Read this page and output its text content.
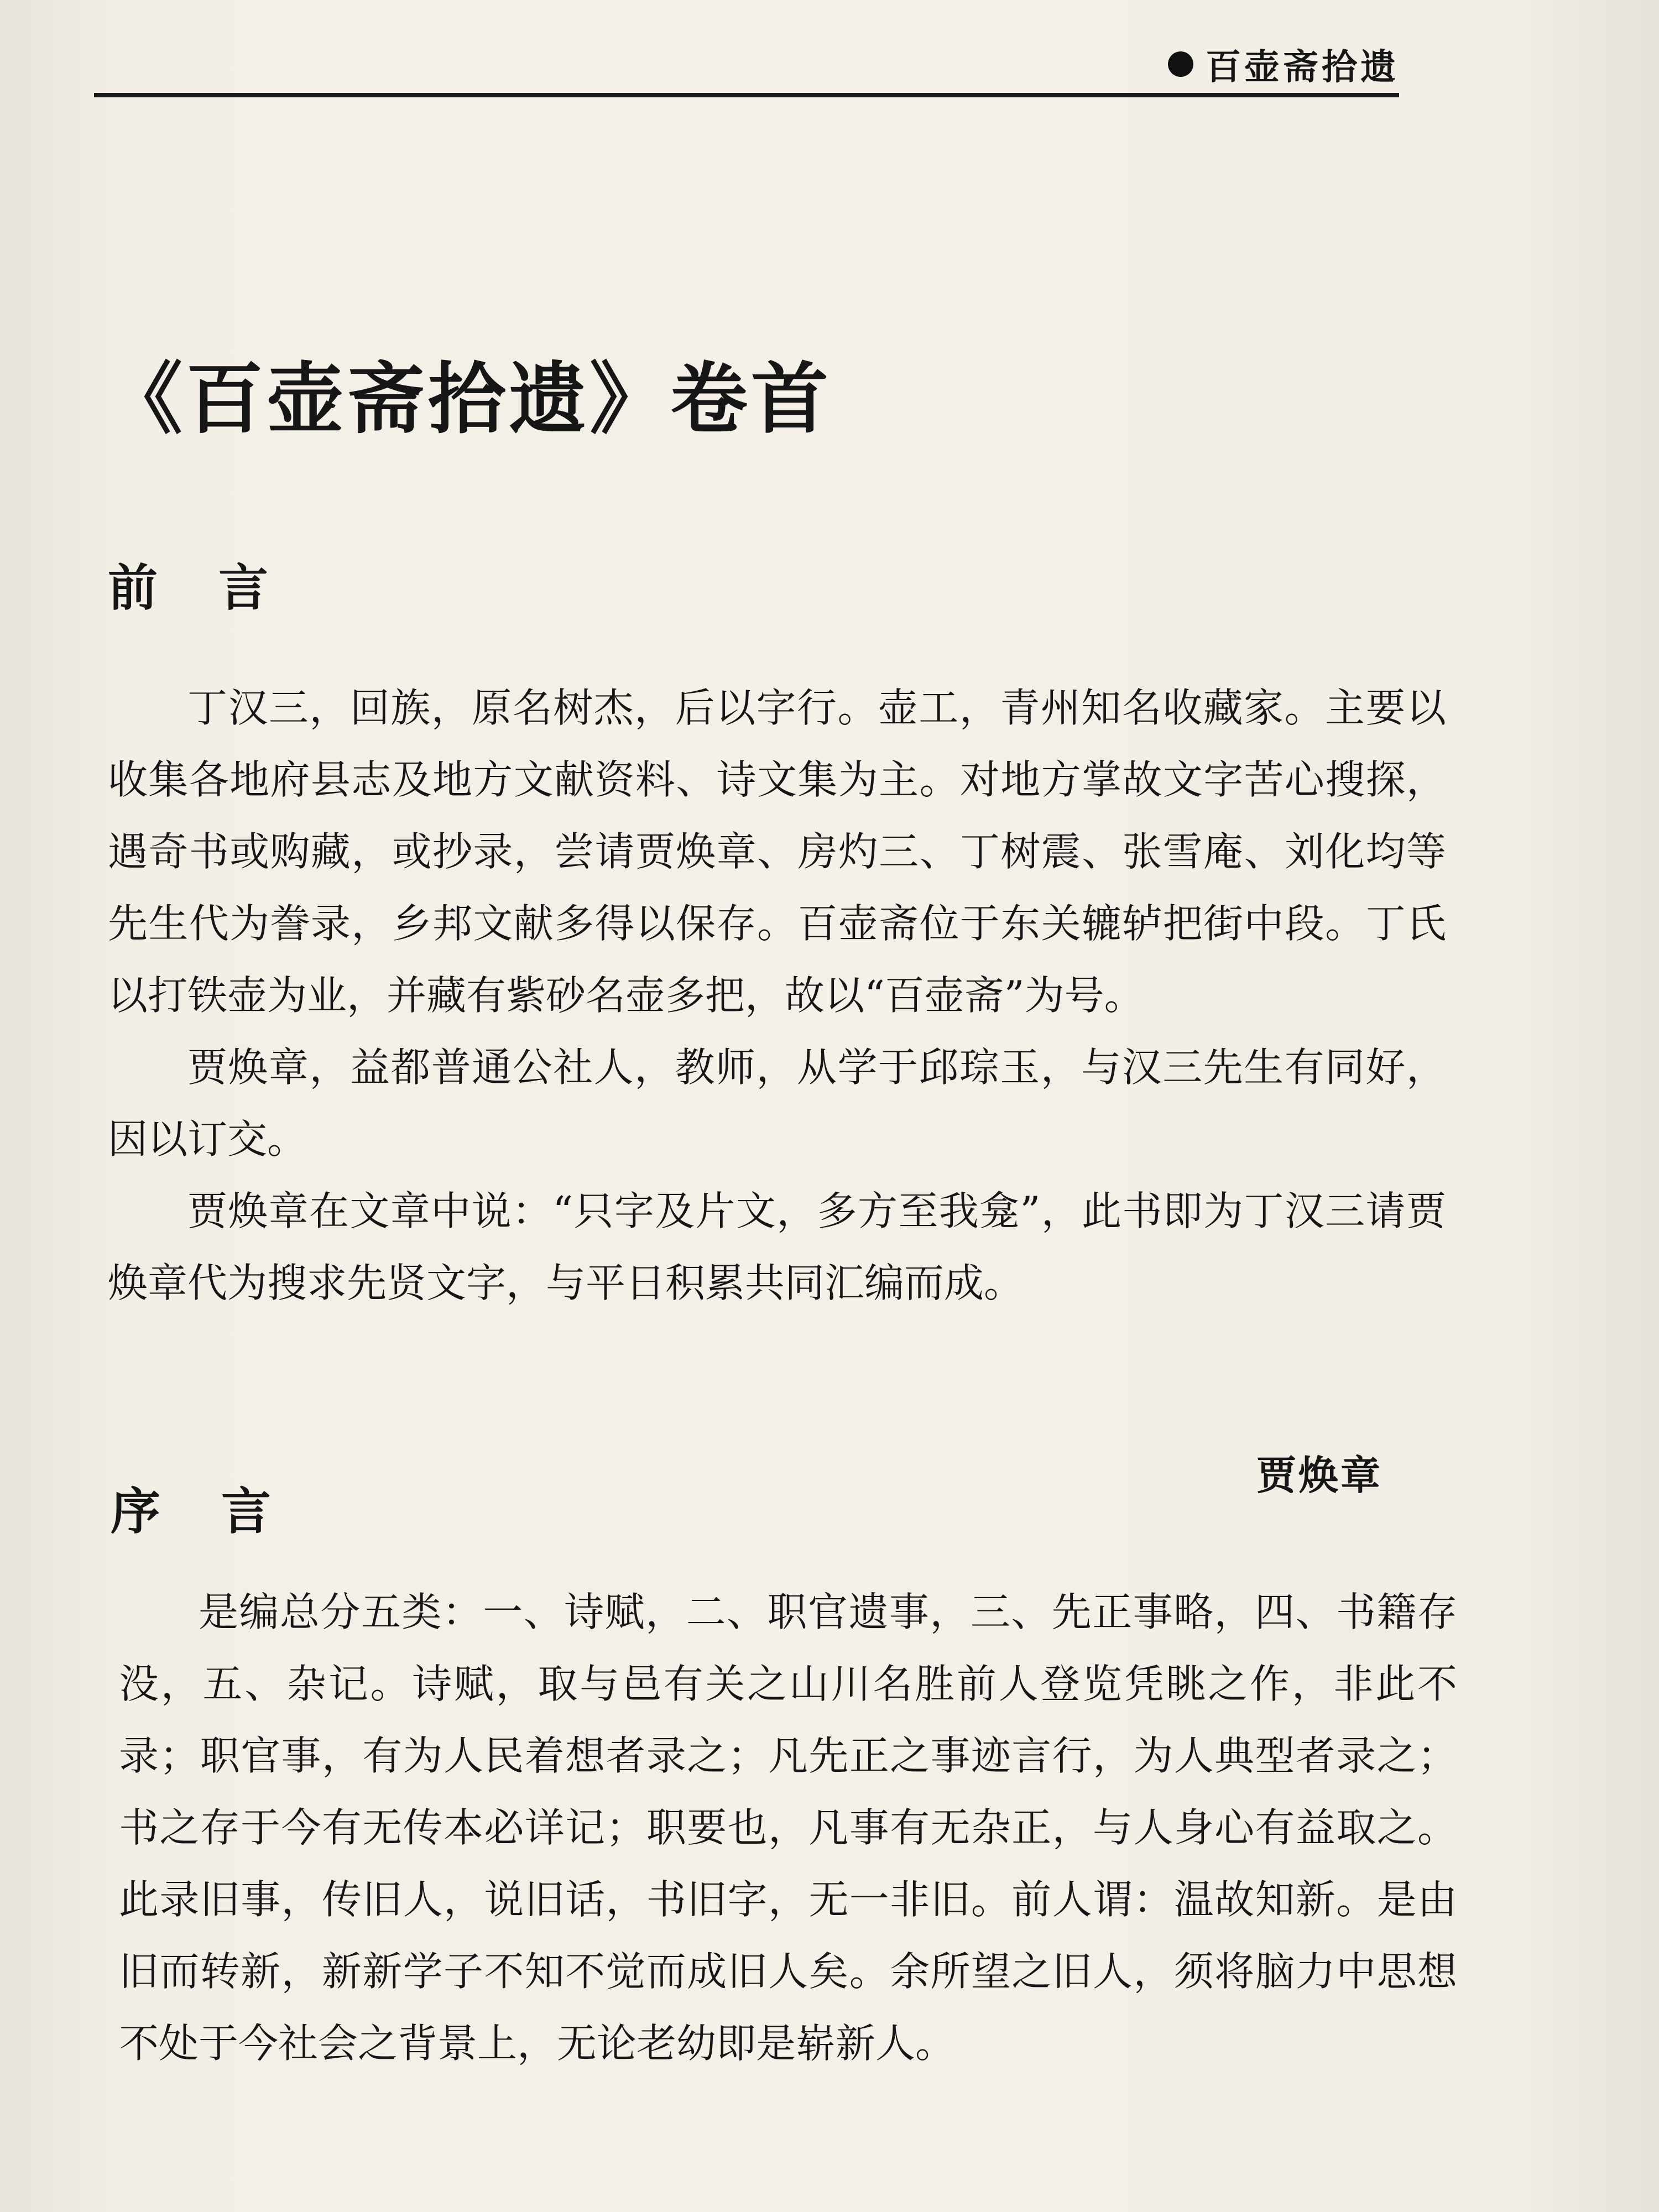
百壶斋拾遗
《百壶斋拾遗》卷首
前言

丁汉三，回族，原名树杰，后以字行。壶工，青州知名收藏家。主要以收集各地府县志及地方文献资料、诗文集为主。对地方掌故文字苦心搜探，遇奇书或购藏，或抄录，尝请贾焕章、房灼三、丁树震、张雪庵、刘化均等先生代为誊录，乡邦文献多得以保存。百壶斋位于东关辘轳把街中段。丁氏以打铁壶为业，并藏有紫砂名壶多把，故以“百壶斋”为号。

贾焕章，益都普通公社人，教师，从学于邱琮玉，与汉三先生有同好，因以订交。

贾焕章在文章中说：“只字及片文，多方至我龛”，此书即为丁汉三请贾焕章代为搜求先贤文字，与平日积累共同汇编而成。

贾焕章
序言

是编总分五类：一、诗赋，二、职官遗事，三、先正事略，四、书籍存没，五、杂记。诗赋，取与邑有关之山川名胜前人登览凭眺之作，非此不录；职官事，有为人民着想者录之；凡先正之事迹言行，为人典型者录之；书之存于今有无传本必详记；职要也，凡事有无杂正，与人身心有益取之。此录旧事，传旧人，说旧话，书旧字，无一非旧。前人谓：温故知新。是由旧而转新，新新学子不知不觉而成旧人矣。余所望之旧人，须将脑力中思想不处于今社会之背景上，无论老幼即是崭新人。
